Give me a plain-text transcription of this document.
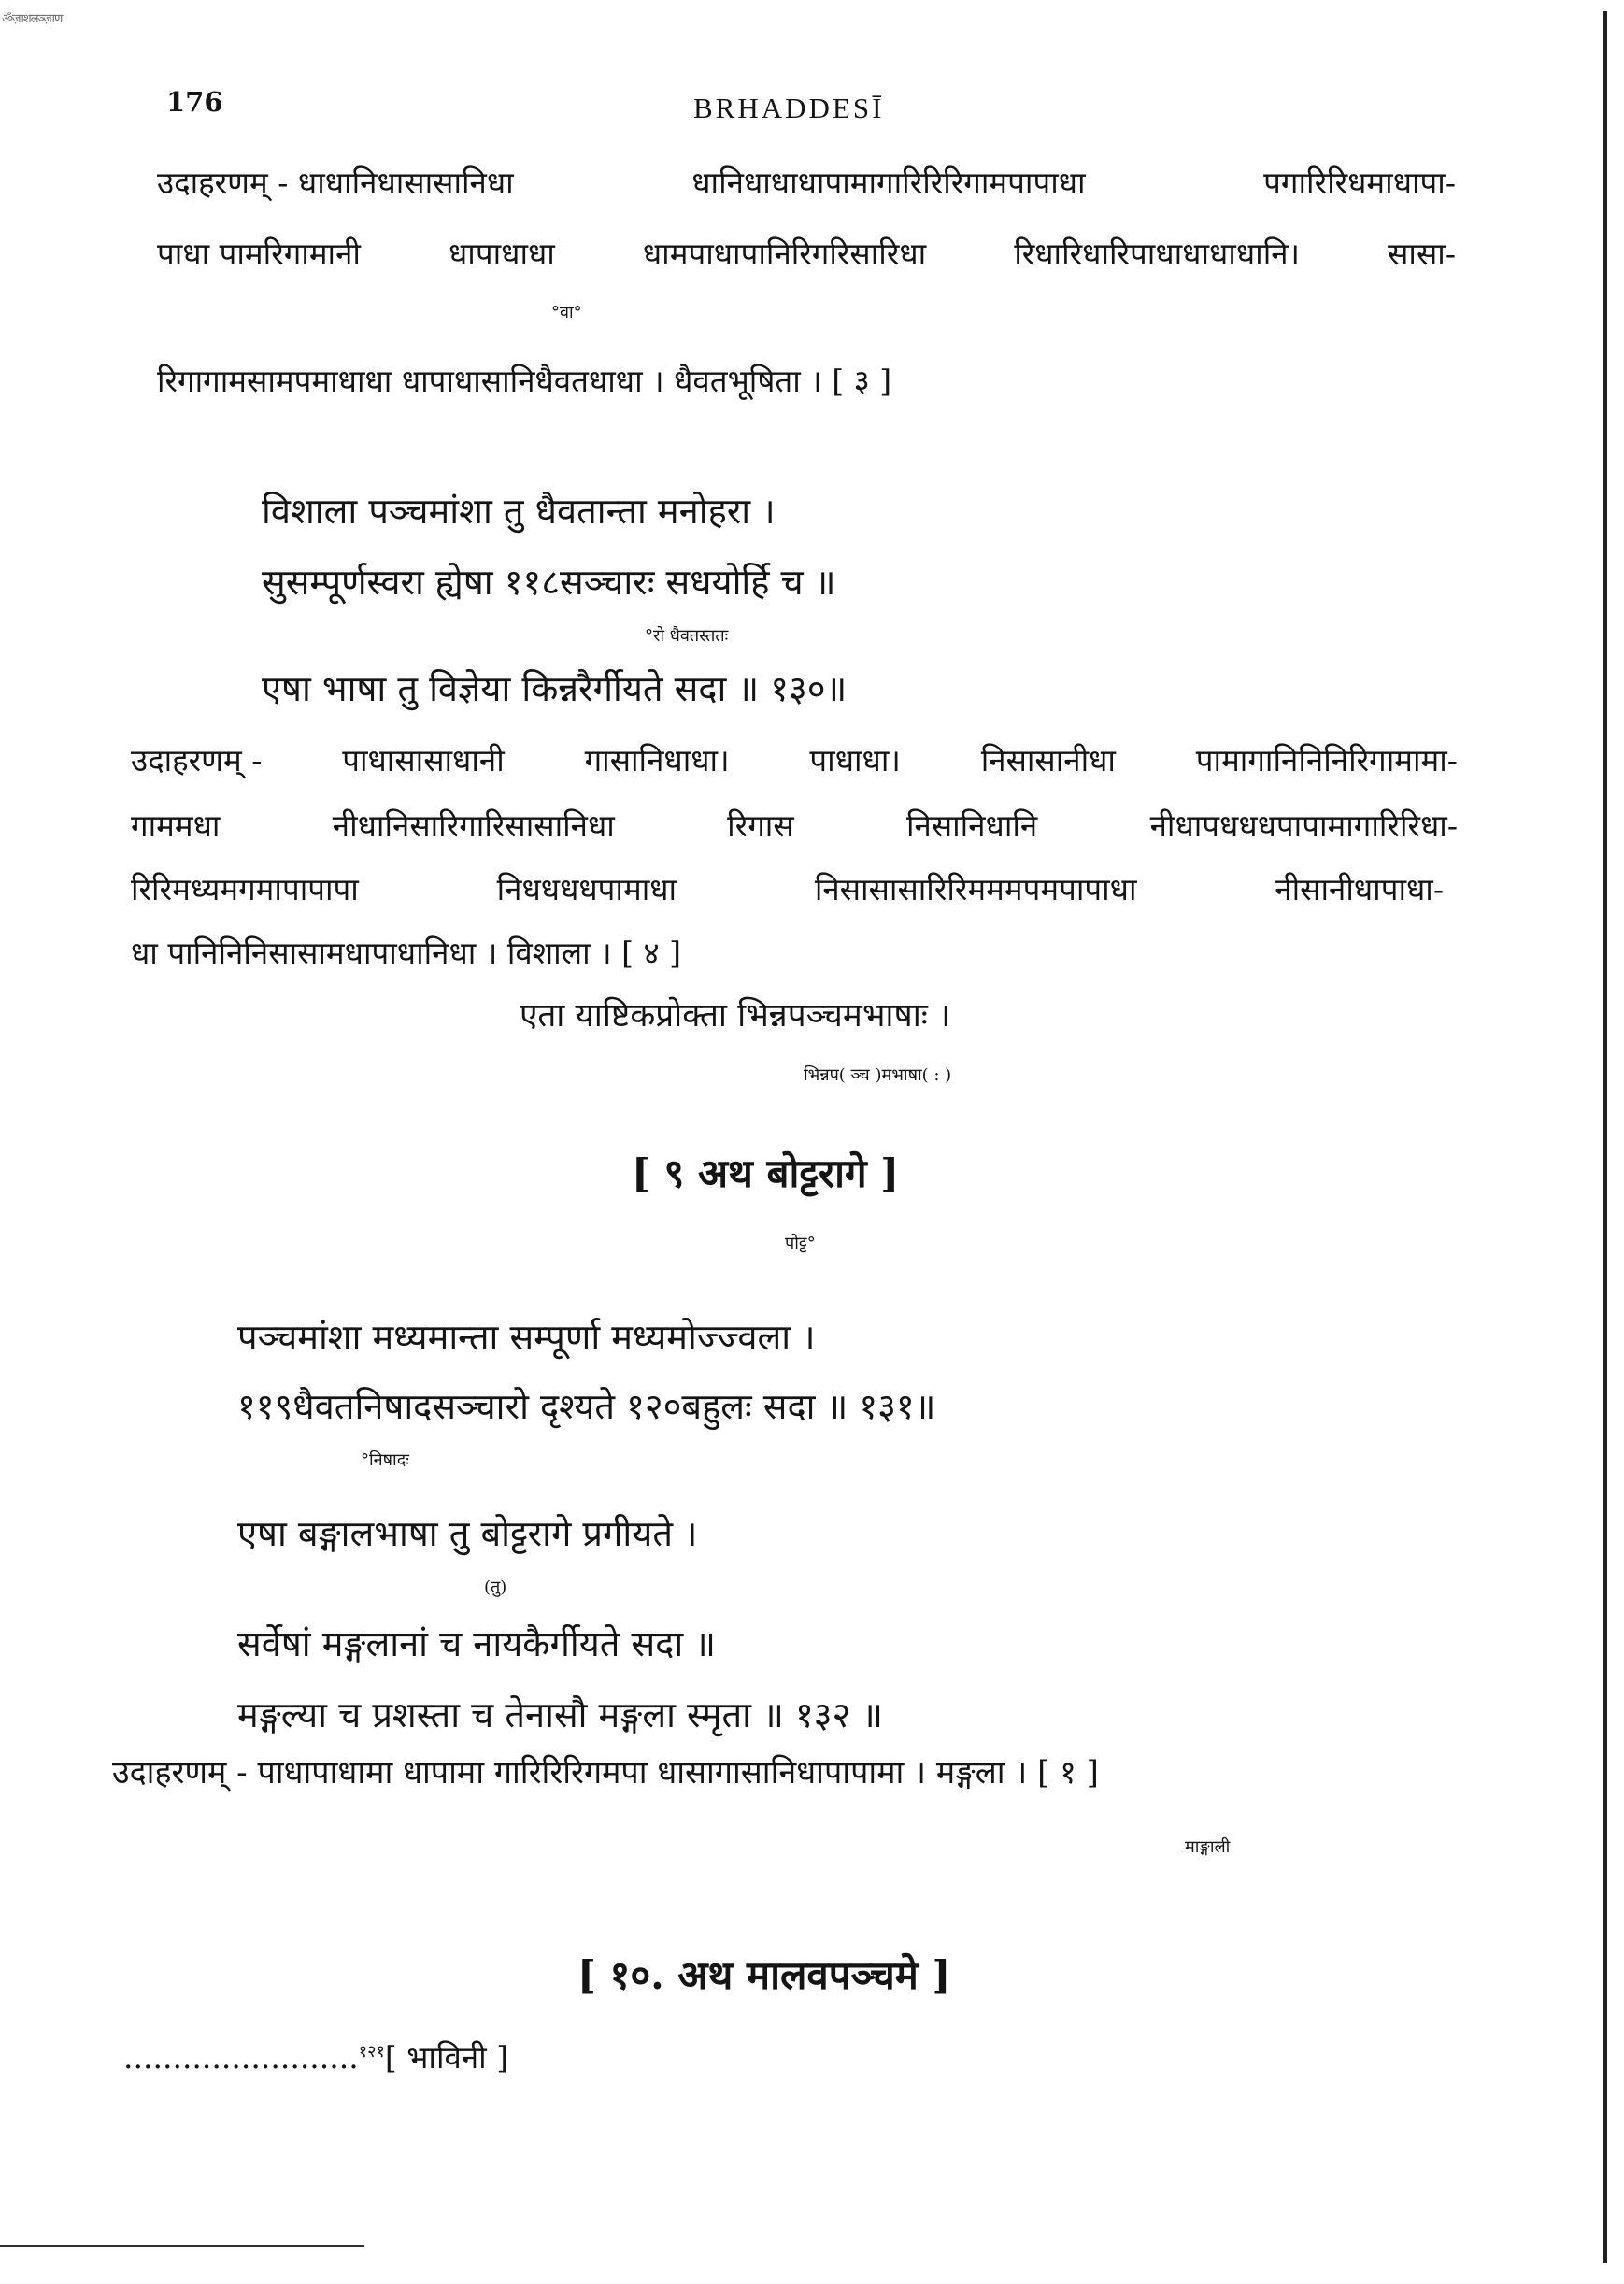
ॐज़ाशलञ्ज़ाण
176	BRHADDESĪ
उदाहरणम् - धाधानिधासासानिधा	धानिधाधाधापामागारिरिरिगामपापाधा	पगारिरिधमाधापा-
पाधा पामरिगामानी	धापाधाधा	धामपाधापानिरिगरिसारिधा	रिधारिधारिपाधाधाधाधानि।	सासा-
°वा°
रिगागामसामपमाधाधा धापाधासानिधैवतधाधा । धैवतभूषिता । [ ३ ]
विशाला पञ्चमांशा तु धैवतान्ता मनोहरा ।
सुसम्पूर्णस्वरा ह्येषा ११८सञ्चारः सधयोर्हि च ॥
°रो धैवतस्ततः
एषा भाषा तु विज्ञेया किन्नरैर्गीयते सदा ॥ १३०॥
उदाहरणम् -	पाधासासाधानी	गासानिधाधा।	पाधाधा।	निसासानीधा	पामागानिनिनिरिगामामा-
गाममधा	नीधानिसारिगारिसासानिधा	रिगास	निसानिधानि	नीधापधधधपापामागारिरिधा-
रिरिमध्यमगमापापापा	निधधधधपामाधा	निसासासारिरिमममपमपापाधा	नीसानीधापाधा-
धा पानिनिनिसासामधापाधानिधा । विशाला । [ ४ ]
एता याष्टिकप्रोक्ता भिन्नपञ्चमभाषाः ।
भिन्नप( ञ्च )मभाषा( : )
[ ९ अथ बोट्टरागे ]
पोट्ट°
पञ्चमांशा मध्यमान्ता सम्पूर्णा मध्यमोज्ज्वला ।
११९धैवतनिषादसञ्चारो दृश्यते १२०बहुलः सदा ॥ १३१॥
°निषादः
एषा बङ्गालभाषा तु बोट्टरागे प्रगीयते ।
(तु)
सर्वेषां मङ्गलानां च नायकैर्गीयते सदा ॥
मङ्गल्या च प्रशस्ता च तेनासौ मङ्गला स्मृता ॥ १३२ ॥
उदाहरणम् - पाधापाधामा धापामा गारिरिरिगमपा धासागासानिधापापामा । मङ्गला । [ १ ]
माङ्गाली
[ १०. अथ मालवपञ्चमे ]
........................$^{१२१}$[ भाविनी ]
